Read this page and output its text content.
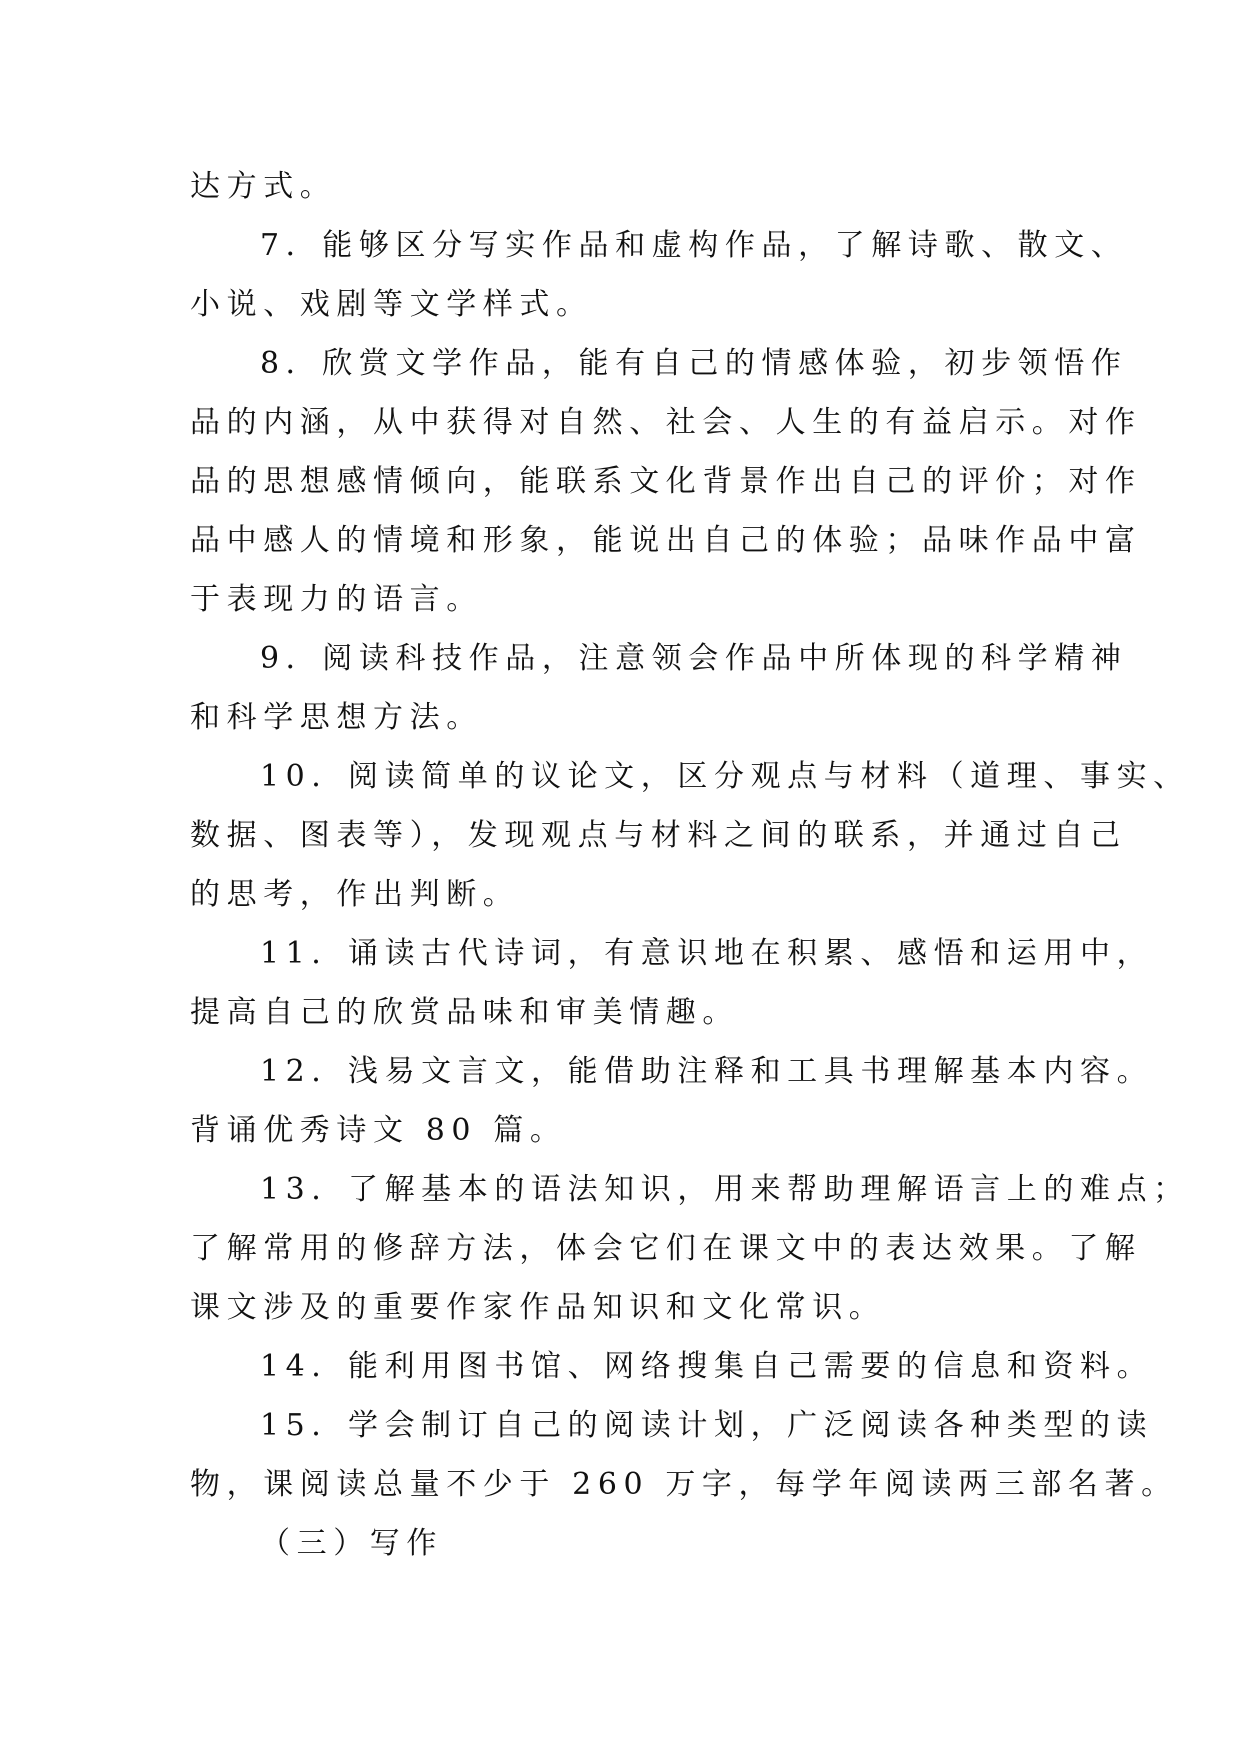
达方式。
7．能够区分写实作品和虚构作品，了解诗歌、散文、
小说、戏剧等文学样式。
8．欣赏文学作品，能有自己的情感体验，初步领悟作
品的内涵，从中获得对自然、社会、人生的有益启示。对作
品的思想感情倾向，能联系文化背景作出自己的评价；对作
品中感人的情境和形象，能说出自己的体验；品味作品中富
于表现力的语言。
9．阅读科技作品，注意领会作品中所体现的科学精神
和科学思想方法。
10．阅读简单的议论文，区分观点与材料（道理、事实、
数据、图表等），发现观点与材料之间的联系，并通过自己
的思考，作出判断。
11．诵读古代诗词，有意识地在积累、感悟和运用中，
提高自己的欣赏品味和审美情趣。
12．浅易文言文，能借助注释和工具书理解基本内容。
背诵优秀诗文 80 篇。
13．了解基本的语法知识，用来帮助理解语言上的难点；
了解常用的修辞方法，体会它们在课文中的表达效果。了解
课文涉及的重要作家作品知识和文化常识。
14．能利用图书馆、网络搜集自己需要的信息和资料。
15．学会制订自己的阅读计划，广泛阅读各种类型的读
物，课阅读总量不少于 260 万字，每学年阅读两三部名著。
（三）写作
